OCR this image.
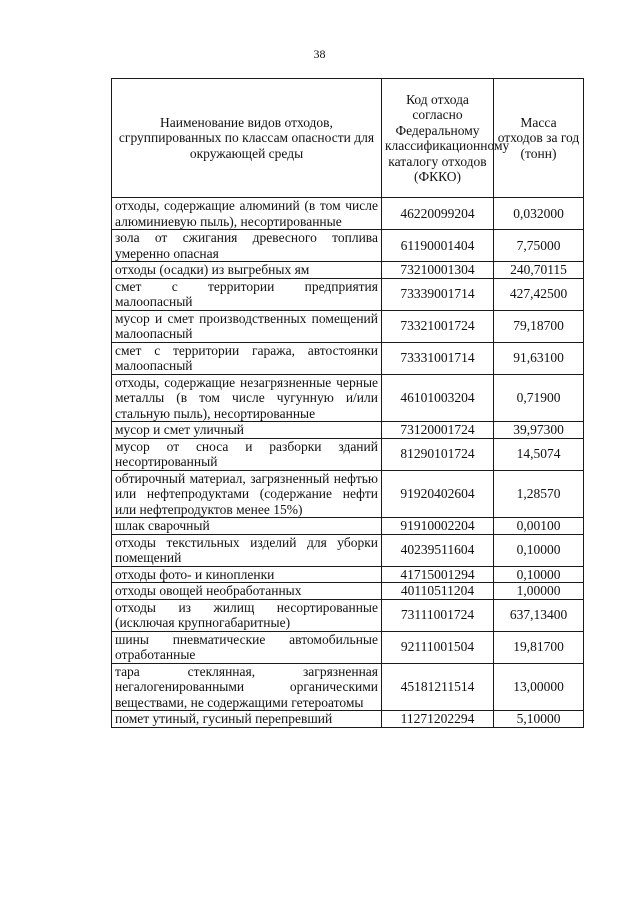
38
Наименование видов отходов, сгруппированных по классам опасности для окружающей среды	Код отхода согласно Федеральному классификационному каталогу отходов (ФККО)	Масса отходов за год (тонн)
отходы, содержащие алюминий (в том числе алюминиевую пыль), несортированные	46220099204	0,032000
зола от сжигания древесного топлива умеренно опасная	61190001404	7,75000
отходы (осадки) из выгребных ям	73210001304	240,70115
смет с территории предприятия малоопасный	73339001714	427,42500
мусор и смет производственных помещений малоопасный	73321001724	79,18700
смет с территории гаража, автостоянки малоопасный	73331001714	91,63100
отходы, содержащие незагрязненные черные металлы (в том числе чугунную и/или стальную пыль), несортированные	46101003204	0,71900
мусор и смет уличный	73120001724	39,97300
мусор от сноса и разборки зданий несортированный	81290101724	14,5074
обтирочный материал, загрязненный нефтью или нефтепродуктами (содержание нефти или нефтепродуктов менее 15%)	91920402604	1,28570
шлак сварочный	91910002204	0,00100
отходы текстильных изделий для уборки помещений	40239511604	0,10000
отходы фото- и кинопленки	41715001294	0,10000
отходы овощей необработанных	40110511204	1,00000
отходы из жилищ несортированные (исключая крупногабаритные)	73111001724	637,13400
шины пневматические автомобильные отработанные	92111001504	19,81700
тара стеклянная, загрязненная негалогенированными органическими веществами, не содержащими гетероатомы	45181211514	13,00000
помет утиный, гусиный перепревший	11271202294	5,10000
